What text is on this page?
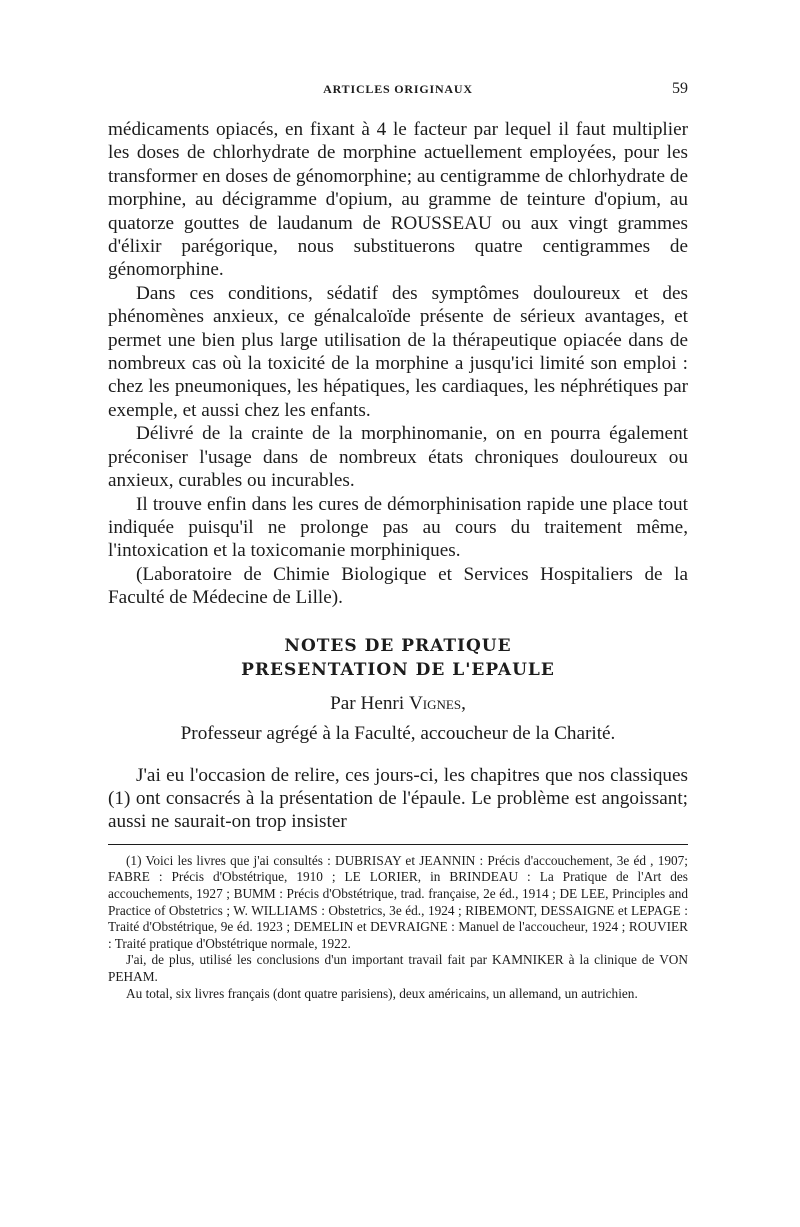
ARTICLES ORIGINAUX	59

médicaments opiacés, en fixant à 4 le facteur par lequel il faut multiplier les doses de chlorhydrate de morphine actuellement employées, pour les transformer en doses de génomorphine; au centigramme de chlorhydrate de morphine, au décigramme d'opium, au gramme de teinture d'opium, au quatorze gouttes de laudanum de ROUSSEAU ou aux vingt grammes d'élixir parégorique, nous substituerons quatre centigrammes de génomorphine.

Dans ces conditions, sédatif des symptômes douloureux et des phénomènes anxieux, ce génalcaloïde présente de sérieux avantages, et permet une bien plus large utilisation de la thérapeutique opiacée dans de nombreux cas où la toxicité de la morphine a jusqu'ici limité son emploi : chez les pneumoniques, les hépatiques, les cardiaques, les néphrétiques par exemple, et aussi chez les enfants.

Délivré de la crainte de la morphinomanie, on en pourra également préconiser l'usage dans de nombreux états chroniques douloureux ou anxieux, curables ou incurables.

Il trouve enfin dans les cures de démorphinisation rapide une place tout indiquée puisqu'il ne prolonge pas au cours du traitement même, l'intoxication et la toxicomanie morphiniques.

(Laboratoire de Chimie Biologique et Services Hospitaliers de la Faculté de Médecine de Lille).

NOTES DE PRATIQUE

PRESENTATION DE L'EPAULE

Par Henri Vignes,
Professeur agrégé à la Faculté, accoucheur de la Charité.

J'ai eu l'occasion de relire, ces jours-ci, les chapitres que nos classiques (1) ont consacrés à la présentation de l'épaule. Le problème est angoissant; aussi ne saurait-on trop insister

(1) Voici les livres que j'ai consultés : DUBRISAY et JEANNIN : Précis d'accouchement, 3e éd , 1907; FABRE : Précis d'Obstétrique, 1910 ; LE LORIER, in BRINDEAU : La Pratique de l'Art des accouchements, 1927 ; BUMM : Précis d'Obstétrique, trad. française, 2e éd., 1914 ; DE LEE, Principles and Practice of Obstetrics ; W. WILLIAMS : Obstetrics, 3e éd., 1924 ; RIBEMONT, DESSAIGNE et LEPAGE : Traité d'Obstétrique, 9e éd. 1923 ; DEMELIN et DEVRAIGNE : Manuel de l'accoucheur, 1924 ; ROUVIER : Traité pratique d'Obstétrique normale, 1922.

J'ai, de plus, utilisé les conclusions d'un important travail fait par KAMNIKER à la clinique de VON PEHAM.

Au total, six livres français (dont quatre parisiens), deux américains, un allemand, un autrichien.
